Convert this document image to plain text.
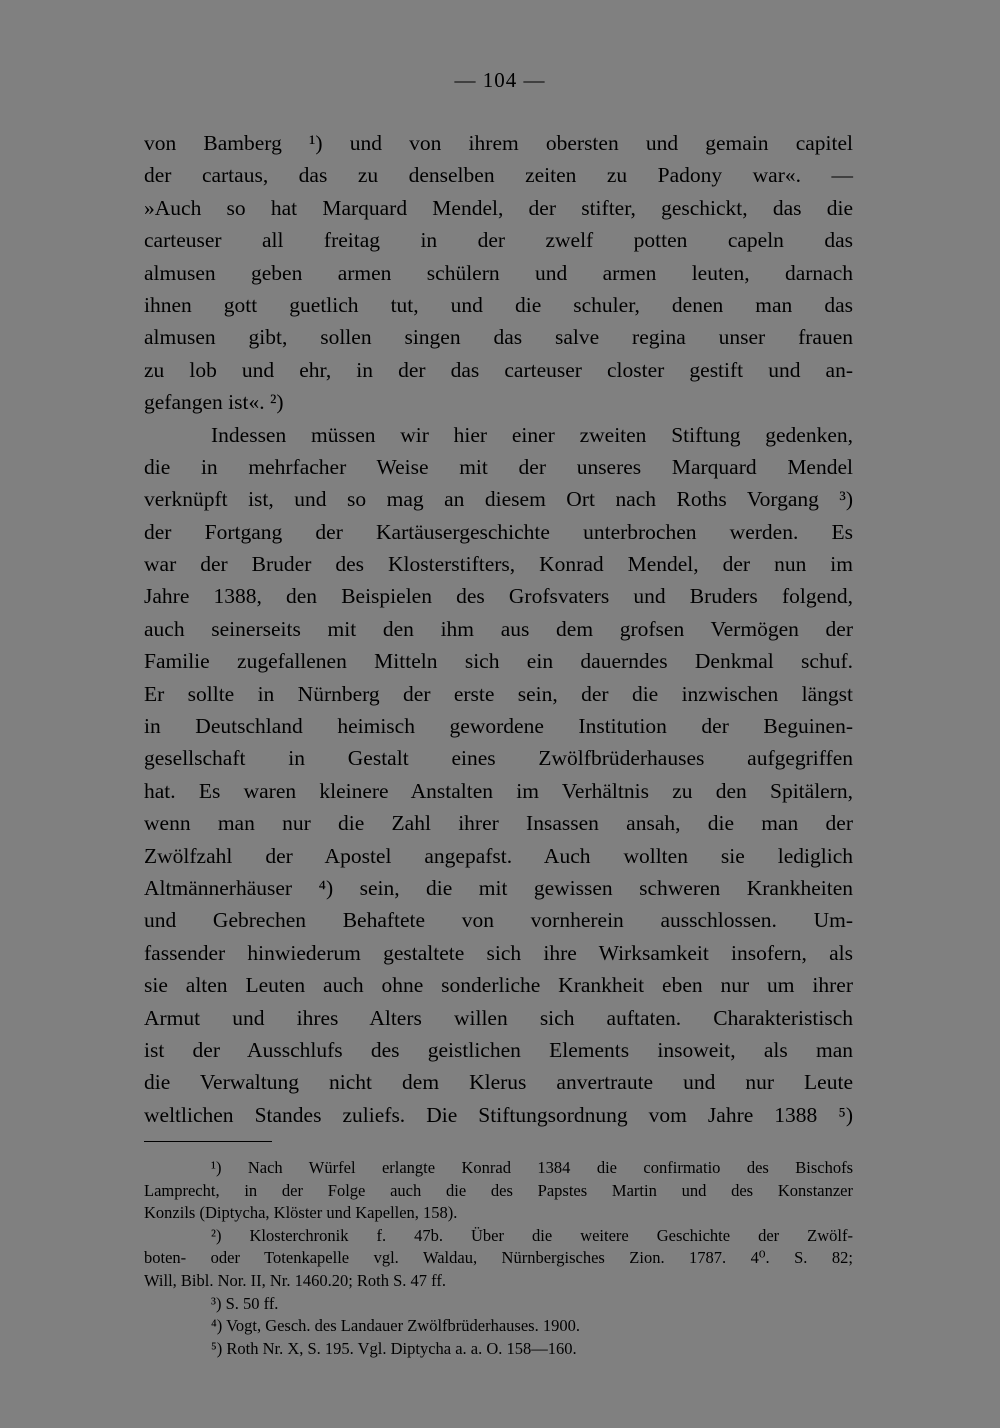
— 104 —
von Bamberg ¹) und von ihrem obersten und gemain capitel
der cartaus, das zu denselben zeiten zu Padony war«. —
»Auch so hat Marquard Mendel, der stifter, geschickt, das die
carteuser all freitag in der zwelf potten capeln das
almusen geben armen schülern und armen leuten, darnach
ihnen gott guetlich tut, und die schuler, denen man das
almusen gibt, sollen singen das salve regina unser frauen
zu lob und ehr, in der das carteuser closter gestift und an-
gefangen ist«. ²)
Indessen müssen wir hier einer zweiten Stiftung gedenken,
die in mehrfacher Weise mit der unseres Marquard Mendel
verknüpft ist, und so mag an diesem Ort nach Roths Vorgang ³)
der Fortgang der Kartäusergeschichte unterbrochen werden. Es
war der Bruder des Klosterstifters, Konrad Mendel, der nun im
Jahre 1388, den Beispielen des Grofsvaters und Bruders folgend,
auch seinerseits mit den ihm aus dem grofsen Vermögen der
Familie zugefallenen Mitteln sich ein dauerndes Denkmal schuf.
Er sollte in Nürnberg der erste sein, der die inzwischen längst
in Deutschland heimisch gewordene Institution der Beguinen-
gesellschaft in Gestalt eines Zwölfbrüderhauses aufgegriffen
hat. Es waren kleinere Anstalten im Verhältnis zu den Spitälern,
wenn man nur die Zahl ihrer Insassen ansah, die man der
Zwölfzahl der Apostel angepafst. Auch wollten sie lediglich
Altmännerhäuser ⁴) sein, die mit gewissen schweren Krankheiten
und Gebrechen Behaftete von vornherein ausschlossen. Um-
fassender hinwiederum gestaltete sich ihre Wirksamkeit insofern, als
sie alten Leuten auch ohne sonderliche Krankheit eben nur um ihrer
Armut und ihres Alters willen sich auftaten. Charakteristisch
ist der Ausschlufs des geistlichen Elements insoweit, als man
die Verwaltung nicht dem Klerus anvertraute und nur Leute
weltlichen Standes zuliefs. Die Stiftungsordnung vom Jahre 1388 ⁵)
¹) Nach Würfel erlangte Konrad 1384 die confirmatio des Bischofs
Lamprecht, in der Folge auch die des Papstes Martin und des Konstanzer
Konzils (Diptycha, Klöster und Kapellen, 158).
²) Klosterchronik f. 47b. Über die weitere Geschichte der Zwölf-
boten- oder Totenkapelle vgl. Waldau, Nürnbergisches Zion. 1787. 4⁰. S. 82;
Will, Bibl. Nor. II, Nr. 1460.20; Roth S. 47 ff.
³) S. 50 ff.
⁴) Vogt, Gesch. des Landauer Zwölfbrüderhauses. 1900.
⁵) Roth Nr. X, S. 195. Vgl. Diptycha a. a. O. 158—160.
